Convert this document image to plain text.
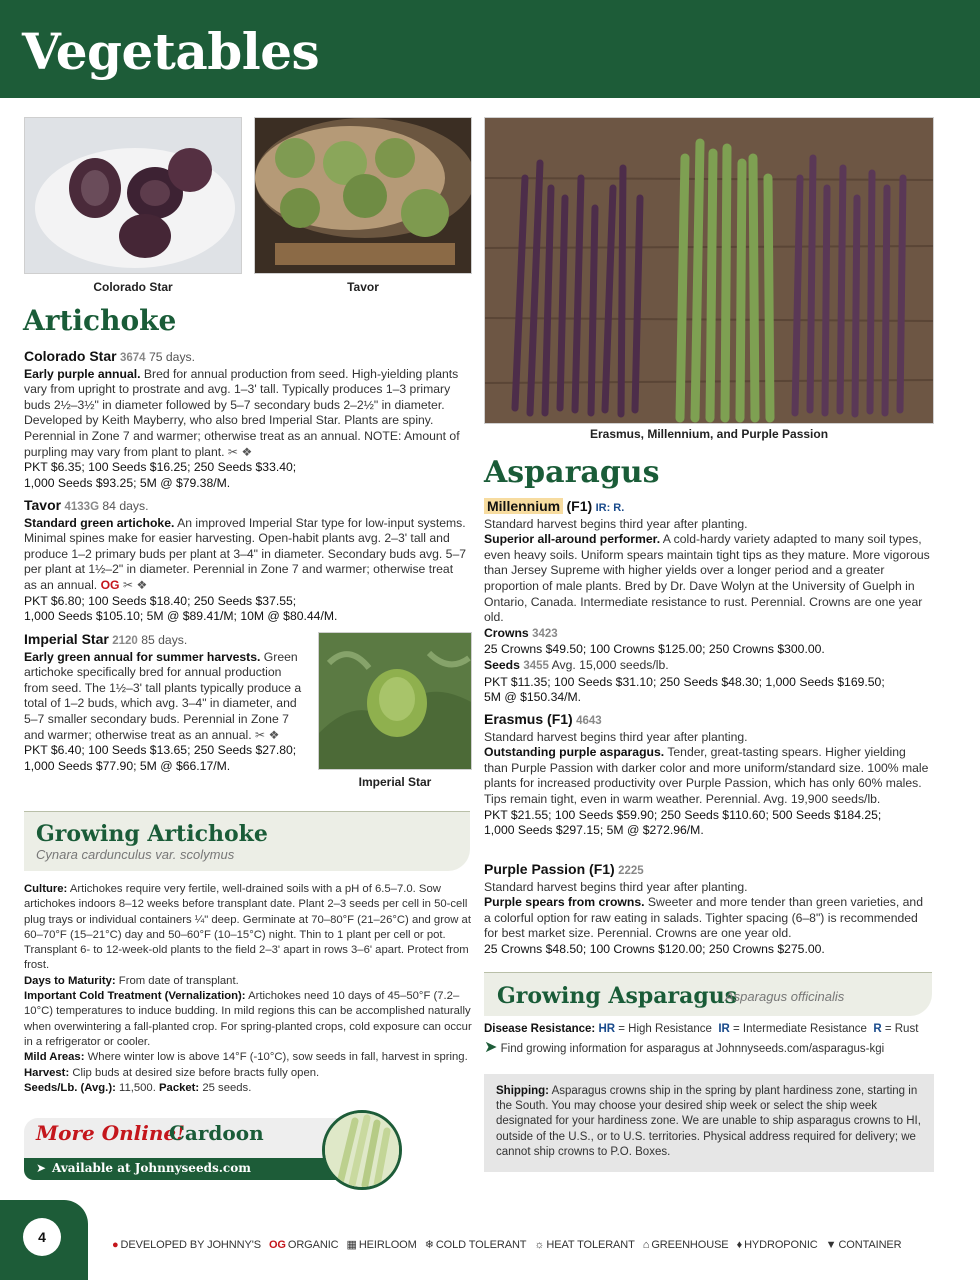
Vegetables
Colorado Star	Tavor
Erasmus, Millennium, and Purple Passion
Artichoke

Colorado Star 3674 75 days.

Early purple annual. Bred for annual production from seed. High-yielding plants vary from upright to prostrate and avg. 1–3' tall. Typically produces 1–3 primary buds 2½–3½" in diameter followed by 5–7 secondary buds 2–2½" in diameter. Developed by Keith Mayberry, who also bred Imperial Star. Plants are spiny. Perennial in Zone 7 and warmer; otherwise treat as an annual. NOTE: Amount of purpling may vary from plant to plant. ✂ ❖

PKT $6.35; 100 Seeds $16.25; 250 Seeds $33.40;

1,000 Seeds $93.25; 5M @ $79.38/M.

Tavor 4133G 84 days.

Standard green artichoke. An improved Imperial Star type for low-input systems. Minimal spines make for easier harvesting. Open-habit plants avg. 2–3' tall and produce 1–2 primary buds per plant at 3–4" in diameter. Secondary buds avg. 5–7 per plant at 1½–2" in diameter. Perennial in Zone 7 and warmer; otherwise treat as an annual. OG ✂ ❖

PKT $6.80; 100 Seeds $18.40; 250 Seeds $37.55;

1,000 Seeds $105.10; 5M @ $89.41/M; 10M @ $80.44/M.

Imperial Star 2120 85 days.

Early green annual for summer harvests. Green artichoke specifically bred for annual production from seed. The 1½–3' tall plants typically produce a total of 1–2 buds, which avg. 3–4" in diameter, and 5–7 smaller secondary buds. Perennial in Zone 7 and warmer; otherwise treat as an annual. ✂ ❖

PKT $6.40; 100 Seeds $13.65; 250 Seeds $27.80;

1,000 Seeds $77.90; 5M @ $66.17/M.

Imperial Star
Growing Artichoke
Cynara cardunculus var. scolymus

Culture: Artichokes require very fertile, well-drained soils with a pH of 6.5–7.0. Sow artichokes indoors 8–12 weeks before transplant date. Plant 2–3 seeds per cell in 50-cell plug trays or individual containers ¼" deep. Germinate at 70–80°F (21–26°C) and grow at 60–70°F (15–21°C) day and 50–60°F (10–15°C) night. Thin to 1 plant per cell or pot. Transplant 6- to 12-week-old plants to the field 2–3' apart in rows 3–6' apart. Protect from frost.

Days to Maturity: From date of transplant.

Important Cold Treatment (Vernalization): Artichokes need 10 days of 45–50°F (7.2–10°C) temperatures to induce budding. In mild regions this can be accomplished naturally when overwintering a fall-planted crop. For spring-planted crops, cold exposure can occur in a refrigerator or cooler.

Mild Areas: Where winter low is above 14°F (-10°C), sow seeds in fall, harvest in spring.

Harvest: Clip buds at desired size before bracts fully open.

Seeds/Lb. (Avg.): 11,500. Packet: 25 seeds.

More Online!
Cardoon
➤ Available at Johnnyseeds.com
Asparagus

Millennium (F1) IR: R.

Standard harvest begins third year after planting.

Superior all-around performer. A cold-hardy variety adapted to many soil types, even heavy soils. Uniform spears maintain tight tips as they mature. More vigorous than Jersey Supreme with higher yields over a longer period and a greater proportion of male plants. Bred by Dr. Dave Wolyn at the University of Guelph in Ontario, Canada. Intermediate resistance to rust. Perennial. Crowns are one year old.

Crowns 3423

25 Crowns $49.50; 100 Crowns $125.00; 250 Crowns $300.00.

Seeds 3455 Avg. 15,000 seeds/lb.

PKT $11.35; 100 Seeds $31.10; 250 Seeds $48.30; 1,000 Seeds $169.50;

5M @ $150.34/M.

Erasmus (F1) 4643

Standard harvest begins third year after planting.

Outstanding purple asparagus. Tender, great-tasting spears. Higher yielding than Purple Passion with darker color and more uniform/standard size. 100% male plants for increased productivity over Purple Passion, which has only 60% males. Tips remain tight, even in warm weather. Perennial. Avg. 19,900 seeds/lb.

PKT $21.55; 100 Seeds $59.90; 250 Seeds $110.60; 500 Seeds $184.25;

1,000 Seeds $297.15; 5M @ $272.96/M.

Purple Passion (F1) 2225

Standard harvest begins third year after planting.

Purple spears from crowns. Sweeter and more tender than green varieties, and a colorful option for raw eating in salads. Tighter spacing (6–8") is recommended for best market size. Perennial. Crowns are one year old.

25 Crowns $48.50; 100 Crowns $120.00; 250 Crowns $275.00.

Growing Asparagus
Asparagus officinalis
Disease Resistance: HR = High Resistance IR = Intermediate Resistance R = Rust
➤ Find growing information for asparagus at Johnnyseeds.com/asparagus-kgi
Shipping: Asparagus crowns ship in the spring by plant hardiness zone, starting in the South. You may choose your desired ship week or select the ship week designated for your hardiness zone. We are unable to ship asparagus crowns to HI, outside of the U.S., or to U.S. territories. Physical address required for delivery; we cannot ship crowns to P.O. Boxes.
4	● DEVELOPED BY JOHNNY'S OG ORGANIC ▦ HEIRLOOM ❄ COLD TOLERANT ☼ HEAT TOLERANT ⌂ GREENHOUSE ♦ HYDROPONIC ▼ CONTAINER
